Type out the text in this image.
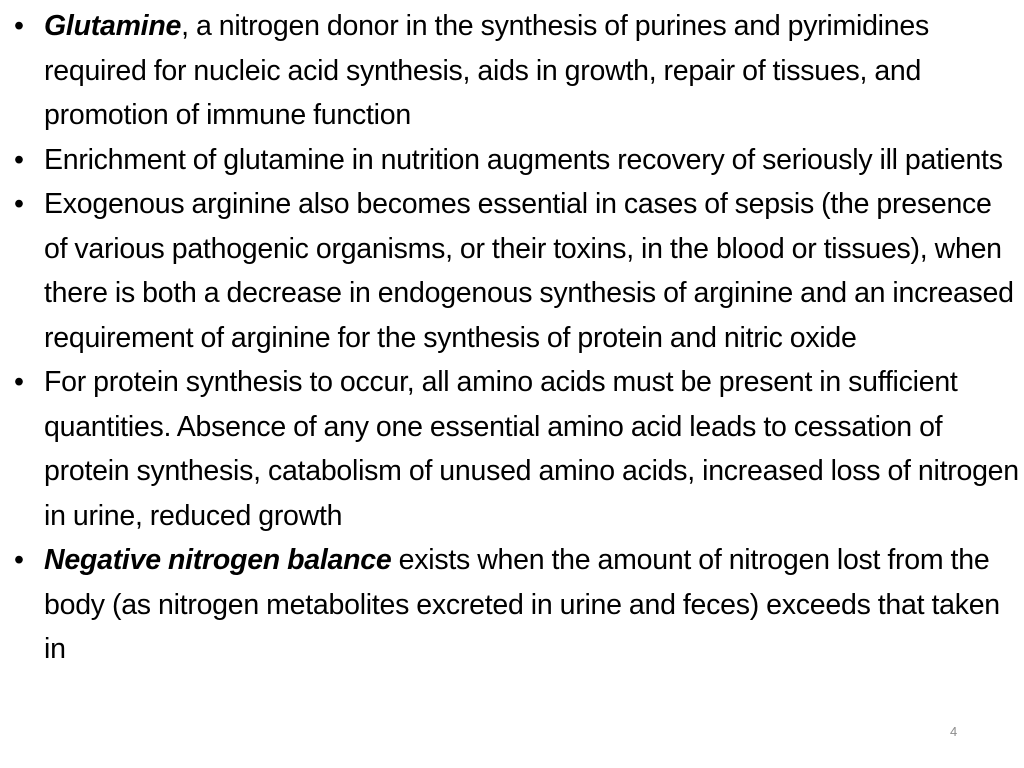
• Glutamine, a nitrogen donor in the synthesis of purines and pyrimidines required for nucleic acid synthesis, aids in growth, repair of tissues, and promotion of immune function
• Enrichment of glutamine in nutrition augments recovery of seriously ill patients
• Exogenous arginine also becomes essential in cases of sepsis (the presence of various pathogenic organisms, or their toxins, in the blood or tissues), when there is both a decrease in endogenous synthesis of arginine and an increased requirement of arginine for the synthesis of protein and nitric oxide
• For protein synthesis to occur, all amino acids must be present in sufficient quantities. Absence of any one essential amino acid leads to cessation of protein synthesis, catabolism of unused amino acids, increased loss of nitrogen in urine, reduced growth
• Negative nitrogen balance exists when the amount of nitrogen lost from the body (as nitrogen metabolites excreted in urine and feces) exceeds that taken in
4
